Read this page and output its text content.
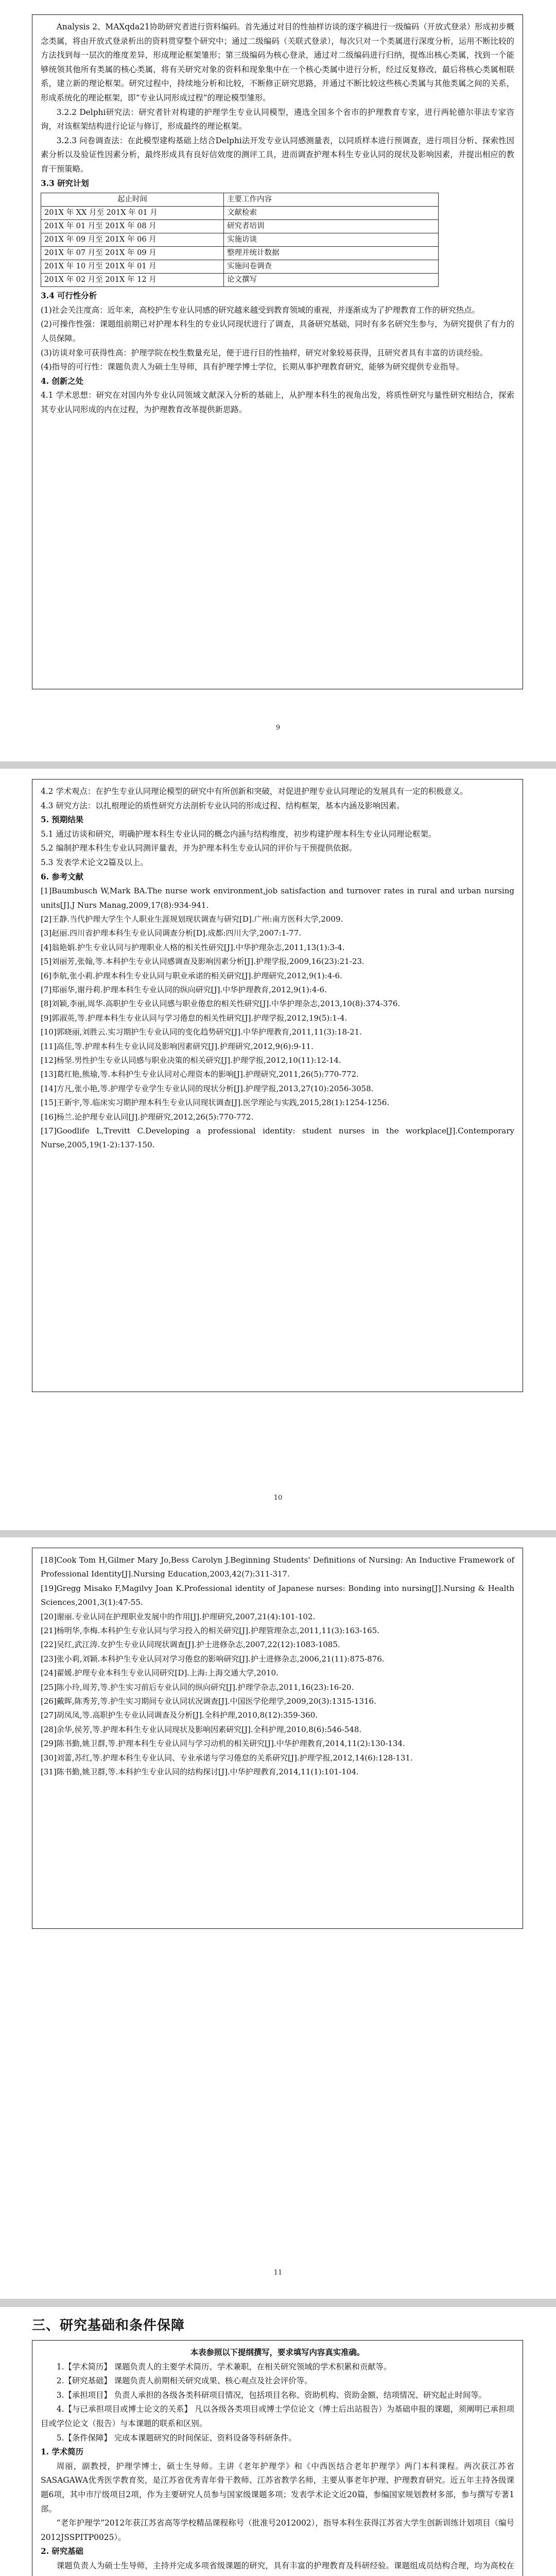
Analysis 2、MAXqda21协助研究者进行资料编码。首先通过对目的性抽样访谈的逐字稿进行一级编码（开放式登录）形成初步概念类属，将由开放式登录析出的资料贯穿整个研究中；通过二级编码（关联式登录），每次只对一个类属进行深度分析，运用不断比较的方法找到每一层次的维度差异，形成理论框架雏形；第三级编码为核心登录，通过对二级编码进行归纳，提炼出核心类属，找到一个能够统领其他所有类属的核心类属，将有关研究对象的资料和现象集中在一个核心类属中进行分析，经过反复修改，最后将核心类属相联系，建立新的理论框架。研究过程中，持续地分析和比较，不断修正研究思路，并通过不断比较这些核心类属与其他类属之间的关系，形成系统化的理论框架，即“专业认同形成过程”的理论模型雏形。

3.2.2 Delphi研究法：研究者针对构建的护理学生专业认同模型，遴选全国多个省市的护理教育专家，进行两轮德尔菲法专家咨询，对该框架结构进行论证与修订，形成最终的理论框架。

3.2.3 问卷调查法：在此模型建构基础上结合Delphi法开发专业认同感测量表，以同质样本进行预调查，进行项目分析、探索性因素分析以及验证性因素分析，最终形成具有良好信效度的测评工具，进而调查护理本科生专业认同的现状及影响因素，并提出相应的教育干预策略。

3.3 研究计划

起止时间	主要工作内容
201X 年 XX 月至 201X 年 01 月	文献检索
201X 年 01 月至 201X 年 08 月	研究者培训
201X 年 09 月至 201X 年 06 月	实施访谈
201X 年 07 月至 201X 年 09 月	整理并统计数据
201X 年 10 月至 201X 年 01 月	实施问卷调查
201X 年 02 月至 201X 年 12 月	论文撰写

3.4 可行性分析

(1)社会关注度高：近年来，高校护生专业认同感的研究越来越受到教育领域的重视，并逐渐成为了护理教育工作的研究热点。

(2)可操作性强：课题组前期已对护理本科生的专业认同现状进行了调查，具备研究基础，同时有多名研究生参与，为研究提供了有力的人员保障。

(3)访谈对象可获得性高：护理学院在校生数量充足，便于进行目的性抽样，研究对象较易获得，且研究者具有丰富的访谈经验。

(4)指导的可行性：课题负责人为硕士生导师，具有护理学博士学位，长期从事护理教育研究，能够为研究提供专业指导。

4. 创新之处

4.1 学术思想：研究在对国内外专业认同领域文献深入分析的基础上，从护理本科生的视角出发，将质性研究与量性研究相结合，探索其专业认同形成的内在过程，为护理教育改革提供新思路。

9

4.2 学术观点：在护生专业认同理论模型的研究中有所创新和突破，对促进护理专业认同理论的发展具有一定的积极意义。

4.3 研究方法：以扎根理论的质性研究方法剖析专业认同的形成过程、结构框架，基本内涵及影响因素。

5. 预期结果

5.1 通过访谈和研究，明确护理本科生专业认同的概念内涵与结构维度，初步构建护理本科生专业认同理论框架。

5.2 编制护理本科生专业认同测评量表，并为护理本科生专业认同的评价与干预提供依据。

5.3 发表学术论文2篇及以上。

6. 参考文献

[1]Baumbusch W,Mark BA.The nurse work environment,job satisfaction and turnover rates in rural and urban nursing units[J].J Nurs Manag,2009,17(8):934-941.

[2]王静.当代护理大学生个人职业生涯规划现状调查与研究[D].广州:南方医科大学,2009.

[3]赵丽.四川省护理本科生专业认同调查分析[D].成都:四川大学,2007:1-77.

[4]翁艳娟.护生专业认同与护理职业人格的相关性研究[J].中华护理杂志,2011,13(1):3-4.

[5]刘丽芳,张翰,等.本科护生专业认同感调查及影响因素分析[J].护理学报,2009,16(23):21-23.

[6]李航,张小莉.护理本科生专业认同与职业承诺的相关研究[J].护理研究,2012,9(1):4-6.

[7]郑丽华,谢丹莉.护理本科生专业认同的纵向研究[J].中华护理教育,2012,9(1):4-6.

[8]刘颖,李丽,周华.高职护生专业认同感与职业倦怠的相关性研究[J].中华护理杂志,2013,10(8):374-376.

[9]郭淑英,等.护理本科生专业认同与学习倦怠的相关性研究[J].护理学报,2012,19(5):1-4.

[10]郭晓丽,刘胜云.实习期护生专业认同的变化趋势研究[J].中华护理教育,2011,11(3):18-21.

[11]高佳,等.护理本科生专业认同及影响因素研究[J].护理研究,2012,9(6):9-11.

[12]杨坚.男性护生专业认同感与职业决策的相关研究[J].护理学报,2012,10(11):12-14.

[13]葛红艳,熊瑜,等.本科护生专业认同对心理资本的影响[J].护理研究,2011,26(5):770-772.

[14]方凡,张小艳,等.护理学专业学生专业认同的现状分析[J].护理学报,2013,27(10):2056-3058.

[15]王新宇,等.临床实习期护理本科生专业认同现状调查[J].医学理论与实践,2015,28(1):1254-1256.

[16]杨兰.论护理专业认同[J].护理研究,2012,26(5):770-772.

[17]Goodlife L,Trevitt C.Developing a professional identity: student nurses in the workplace[J].Contemporary Nurse,2005,19(1-2):137-150.

10

[18]Cook Tom H,Gilmer Mary Jo,Bess Carolyn J.Beginning Students' Definitions of Nursing: An Inductive Framework of Professional Identity[J].Nursing Education,2003,42(7):311-317.

[19]Gregg Misako F,Magilvy Joan K.Professional identity of Japanese nurses: Bonding into nursing[J].Nursing & Health Sciences,2001,3(1):47-55.

[20]谢丽.专业认同在护理职业发展中的作用[J].护理研究,2007,21(4):101-102.

[21]杨明华,李梅.本科护生专业认同与学习投入的相关研究[J].护理管理杂志,2011,11(3):163-165.

[22]吴红,武江涛.女护生专业认同现状调查[J].护士进修杂志,2007,22(12):1083-1085.

[23]张小莉,刘颖.本科护生专业认同对学习倦怠的影响研究[J].护士进修杂志,2006,21(11):875-876.

[24]翟媛.护理专业本科生专业认同研究[D].上海:上海交通大学,2010.

[25]陈小玲,周芳,等.护生实习前后专业认同的纵向研究[J].护理学杂志,2011,16(23):16-20.

[26]戴晖,陈秀芳,等.护生实习期间专业认同状况调查[J].中国医学伦理学,2009,20(3):1315-1316.

[27]胡凤凤,等.高职护生专业认同调查及分析[J].全科护理,2010,8(12):359-360.

[28]余华,侯芳,等.护理本科生专业认同现状及影响因素研究[J].全科护理,2010,8(6):546-548.

[29]陈书勤,姚卫群,等.护理本科生专业认同与学习动机的相关研究[J].中华护理教育,2014,11(2):130-134.

[30]刘蕾,苏红,等.护理本科生专业认同、专业承诺与学习倦怠的关系研究[J].护理学报,2012,14(6):128-131.

[31]陈书勤,姚卫群,等.本科护生专业认同的结构探讨[J].中华护理教育,2014,11(1):101-104.

11
三、研究基础和条件保障

本表参照以下提纲撰写，要求填写内容真实准确。

1.【学术简历】 课题负责人的主要学术简历、学术兼职，在相关研究领域的学术积累和贡献等。

2.【研究基础】 课题负责人前期相关研究成果、核心观点及社会评价等。

3.【承担项目】 负责人承担的各级各类科研项目情况，包括项目名称、资助机构、资助金额、结项情况、研究起止时间等。

4.【与已承担项目或博士论文的关系】 凡以各级各类项目或博士学位论文（博士后出站报告）为基础申报的课题，须阐明已承担项目或学位论文（报告）与本课题的联系和区别。

5.【条件保障】 完成本课题研究的时间保证、资料设备等科研条件。

1. 学术简历

周丽，副教授，护理学博士，硕士生导师。主讲《老年护理学》和《中西医结合老年护理学》两门本科课程。两次获江苏省SASAGAWA优秀医学教育奖，是江苏省优秀青年骨干教师、江苏省教学名师，主要从事老年护理、护理教育研究。近五年主持各级课题6项，其中市厅级项目2项，作为主要研究人员参与国家级课题多项；发表学术论文近20篇，参编国家规划教材多部，参与撰写专著1部。

“老年护理学”2012年获江苏省高等学校精品课程称号（批准号2012002），指导本科生获得江苏省大学生创新训练计划项目（编号2012JSSPITP0025）。

2. 研究基础

课题负责人为硕士生导师，主持并完成多项省级课题的研究，具有丰富的护理教育及科研经验。课题组成员结构合理，均为高校在
